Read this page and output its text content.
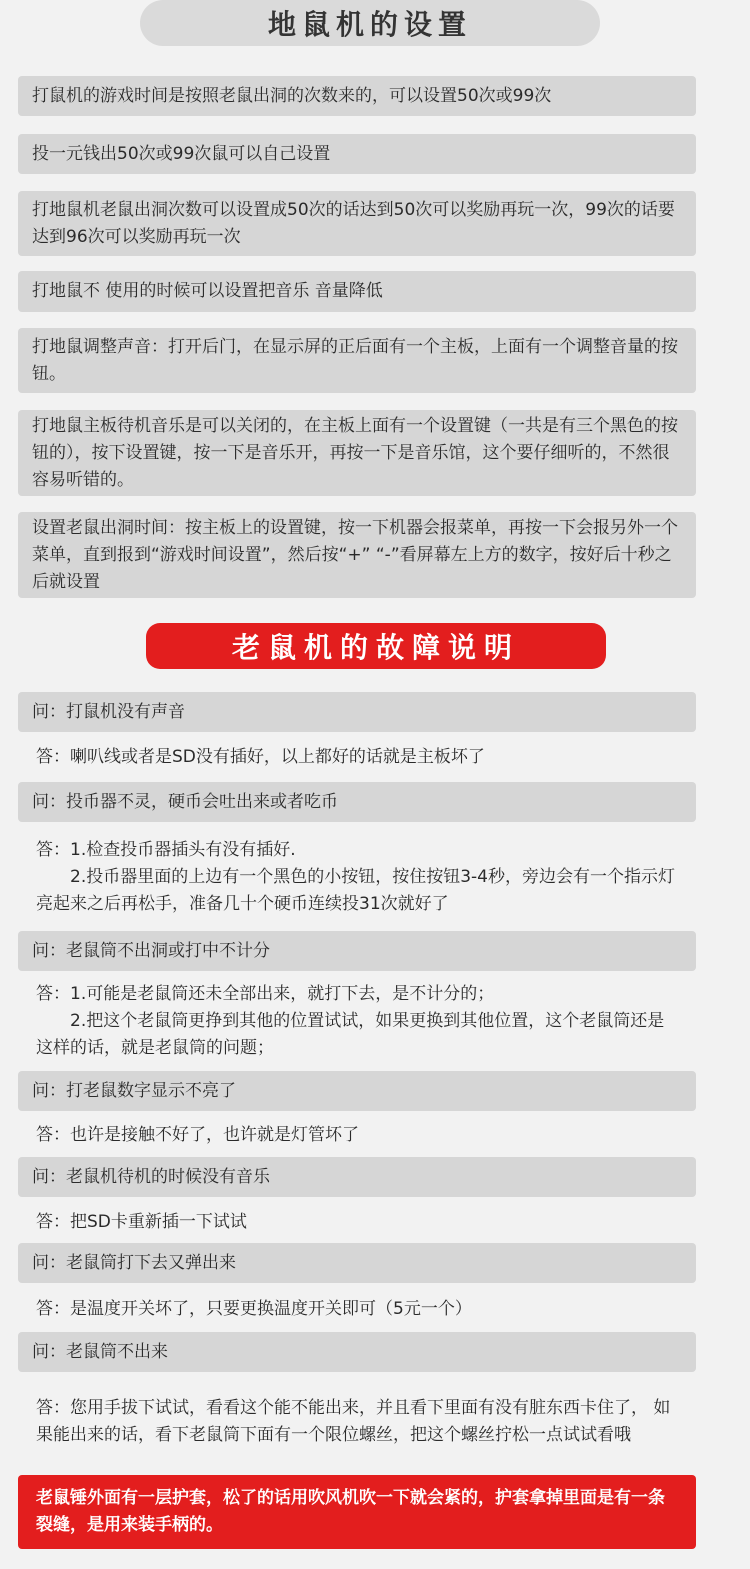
地鼠机的设置
打鼠机的游戏时间是按照老鼠出洞的次数来的，可以设置50次或99次
投一元钱出50次或99次鼠可以自己设置
打地鼠机老鼠出洞次数可以设置成50次的话达到50次可以奖励再玩一次，99次的话要达到96次可以奖励再玩一次
打地鼠不 使用的时候可以设置把音乐 音量降低
打地鼠调整声音：打开后门，在显示屏的正后面有一个主板，上面有一个调整音量的按钮。
打地鼠主板待机音乐是可以关闭的，在主板上面有一个设置键（一共是有三个黑色的按钮的），按下设置键，按一下是音乐开，再按一下是音乐馆，这个要仔细听的，不然很容易听错的。
设置老鼠出洞时间：按主板上的设置键，按一下机器会报菜单，再按一下会报另外一个菜单，直到报到“游戏时间设置”，然后按“+” “-”看屏幕左上方的数字，按好后十秒之后就设置
老鼠机的故障说明
问：打鼠机没有声音
答：喇叭线或者是SD没有插好，以上都好的话就是主板坏了
问：投币器不灵，硬币会吐出来或者吃币
答：1.检查投币器插头有没有插好.
2.投币器里面的上边有一个黑色的小按钮，按住按钮3-4秒，旁边会有一个指示灯亮起来之后再松手，准备几十个硬币连续投31次就好了
问：老鼠筒不出洞或打中不计分
答：1.可能是老鼠筒还未全部出来，就打下去，是不计分的；
2.把这个老鼠筒更挣到其他的位置试试，如果更换到其他位置，这个老鼠筒还是这样的话，就是老鼠筒的问题；
问：打老鼠数字显示不亮了
答：也许是接触不好了，也许就是灯管坏了
问：老鼠机待机的时候没有音乐
答：把SD卡重新插一下试试
问：老鼠筒打下去又弹出来
答：是温度开关坏了，只要更换温度开关即可（5元一个）
问：老鼠筒不出来
答：您用手拔下试试，看看这个能不能出来，并且看下里面有没有脏东西卡住了， 如果能出来的话，看下老鼠筒下面有一个限位螺丝，把这个螺丝拧松一点试试看哦
老鼠锤外面有一层护套，松了的话用吹风机吹一下就会紧的，护套拿掉里面是有一条裂缝，是用来装手柄的。
